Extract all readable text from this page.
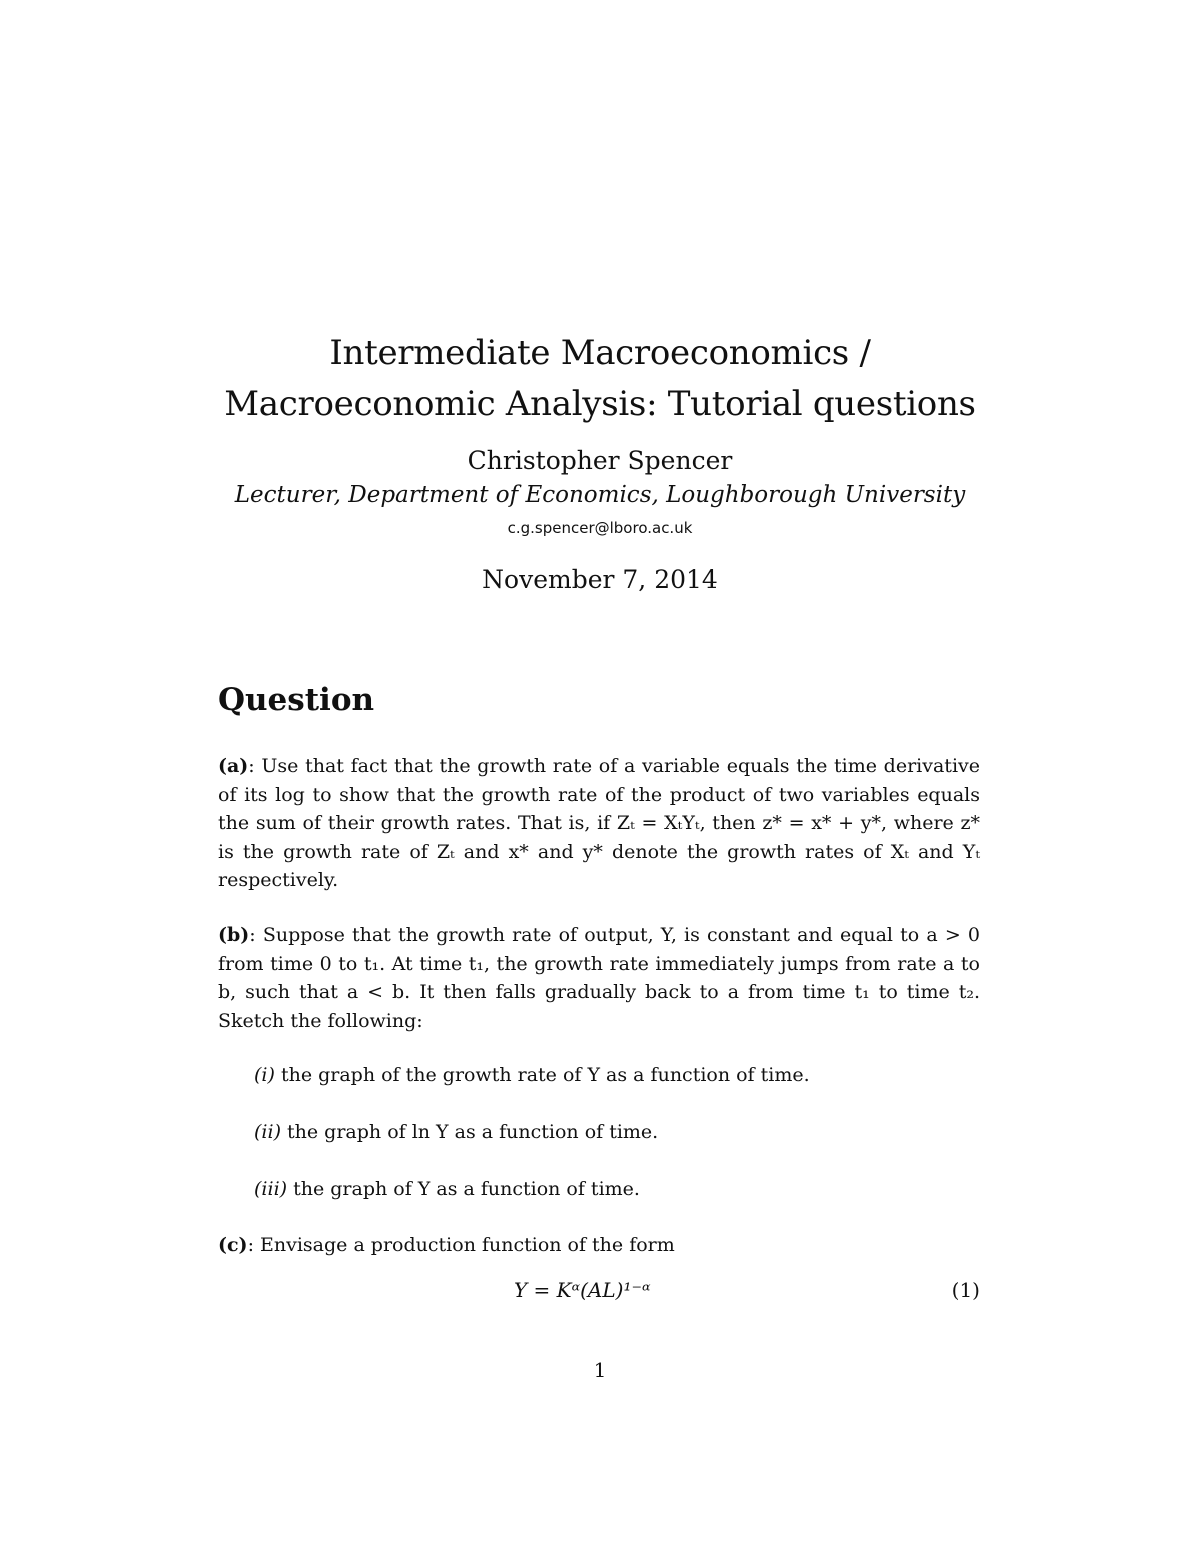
Intermediate Macroeconomics /
Macroeconomic Analysis: Tutorial questions
Christopher Spencer
Lecturer, Department of Economics, Loughborough University
c.g.spencer@lboro.ac.uk
November 7, 2014
Question

(a): Use that fact that the growth rate of a variable equals the time derivative of its log to show that the growth rate of the product of two variables equals the sum of their growth rates. That is, if Zₜ = XₜYₜ, then z* = x* + y*, where z* is the growth rate of Zₜ and x* and y* denote the growth rates of Xₜ and Yₜ respectively.

(b): Suppose that the growth rate of output, Y, is constant and equal to a > 0 from time 0 to t₁. At time t₁, the growth rate immediately jumps from rate a to b, such that a < b. It then falls gradually back to a from time t₁ to time t₂. Sketch the following:

(i) the graph of the growth rate of Y as a function of time.
(ii) the graph of ln Y as a function of time.
(iii) the graph of Y as a function of time.

(c): Envisage a production function of the form

Y = Kᵅ(AL)¹⁻ᵅ	(1)
1
